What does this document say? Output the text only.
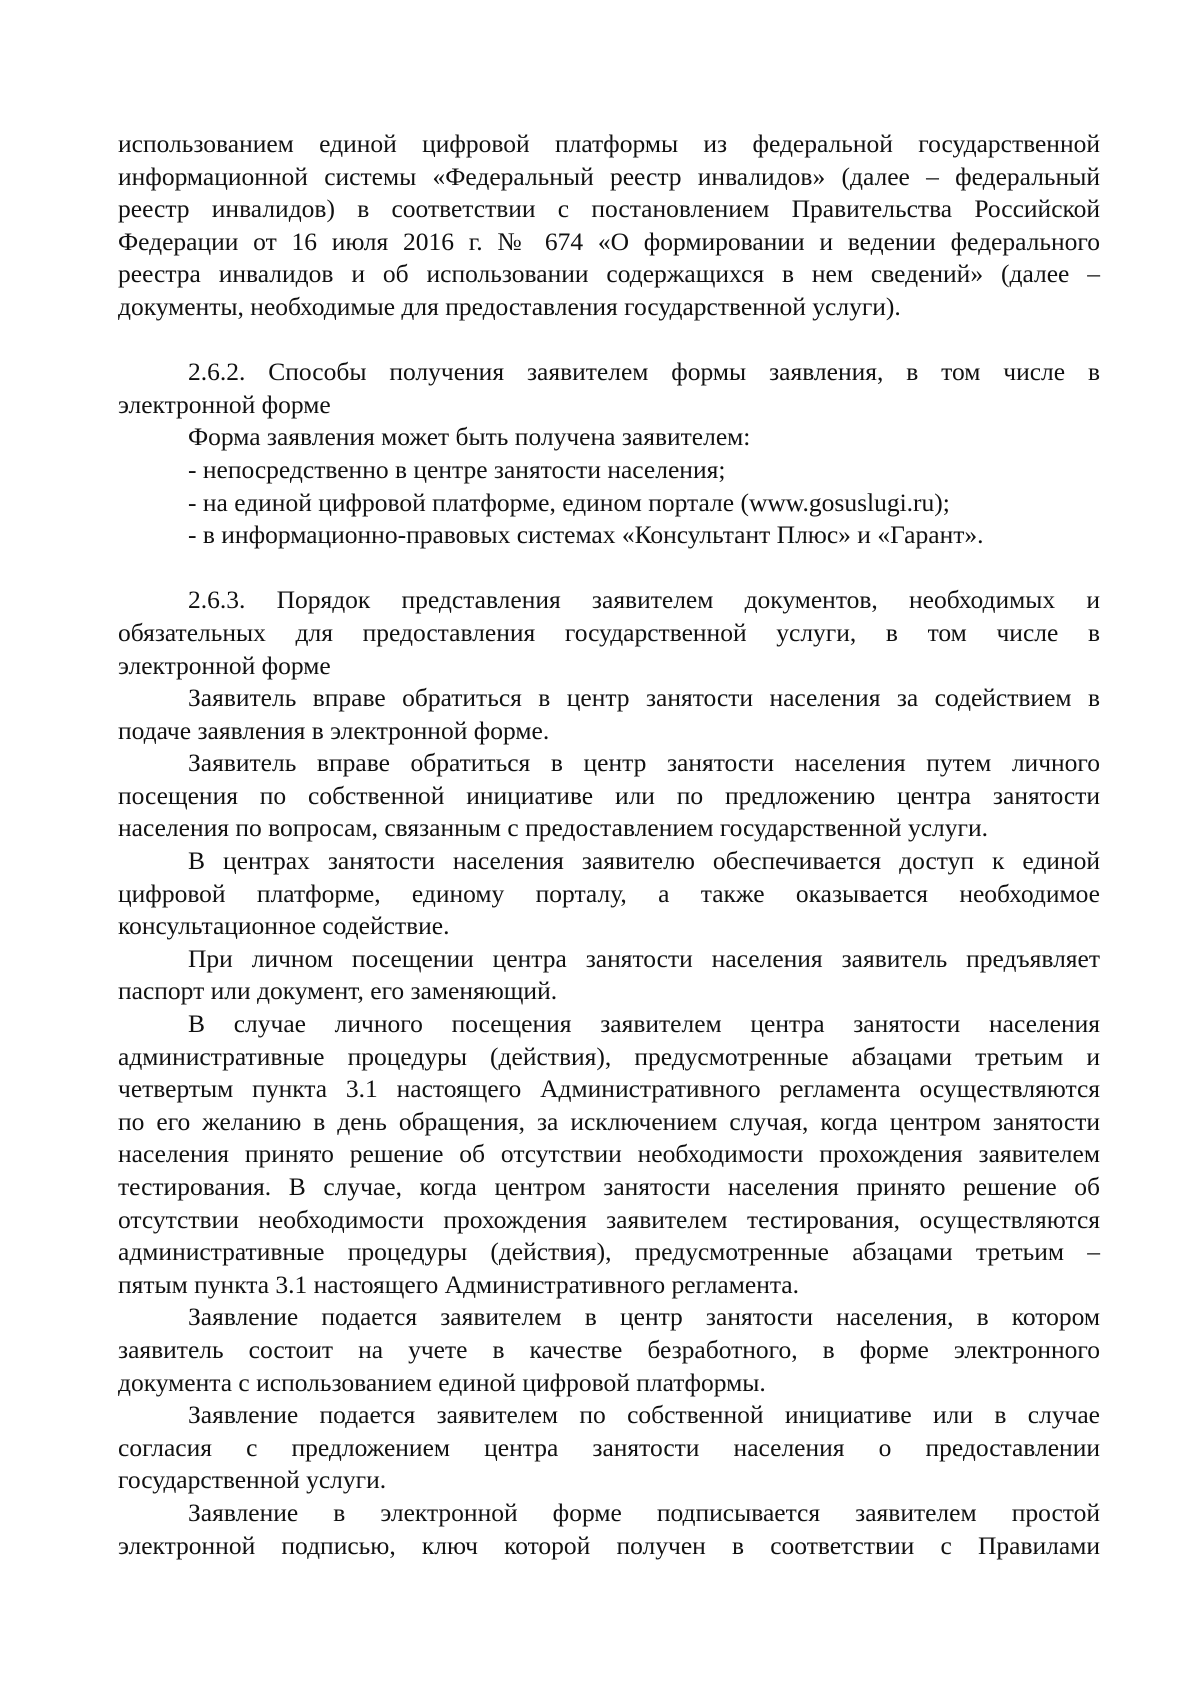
использованием единой цифровой платформы из федеральной государственной
информационной системы «Федеральный реестр инвалидов» (далее – федеральный
реестр инвалидов) в соответствии с постановлением Правительства Российской
Федерации от 16 июля 2016 г. № 674 «О формировании и ведении федерального
реестра инвалидов и об использовании содержащихся в нем сведений» (далее –
документы, необходимые для предоставления государственной услуги).
2.6.2. Способы получения заявителем формы заявления, в том числе в
электронной форме
Форма заявления может быть получена заявителем:
- непосредственно в центре занятости населения;
- на единой цифровой платформе, едином портале (www.gosuslugi.ru);
- в информационно-правовых системах «Консультант Плюс» и «Гарант».
2.6.3. Порядок представления заявителем документов, необходимых и
обязательных для предоставления государственной услуги, в том числе в
электронной форме
Заявитель вправе обратиться в центр занятости населения за содействием в
подаче заявления в электронной форме.
Заявитель вправе обратиться в центр занятости населения путем личного
посещения по собственной инициативе или по предложению центра занятости
населения по вопросам, связанным с предоставлением государственной услуги.
В центрах занятости населения заявителю обеспечивается доступ к единой
цифровой платформе, единому порталу, а также оказывается необходимое
консультационное содействие.
При личном посещении центра занятости населения заявитель предъявляет
паспорт или документ, его заменяющий.
В случае личного посещения заявителем центра занятости населения
административные процедуры (действия), предусмотренные абзацами третьим и
четвертым пункта 3.1 настоящего Административного регламента осуществляются
по его желанию в день обращения, за исключением случая, когда центром занятости
населения принято решение об отсутствии необходимости прохождения заявителем
тестирования. В случае, когда центром занятости населения принято решение об
отсутствии необходимости прохождения заявителем тестирования, осуществляются
административные процедуры (действия), предусмотренные абзацами третьим –
пятым пункта 3.1 настоящего Административного регламента.
Заявление подается заявителем в центр занятости населения, в котором
заявитель состоит на учете в качестве безработного, в форме электронного
документа с использованием единой цифровой платформы.
Заявление подается заявителем по собственной инициативе или в случае
согласия с предложением центра занятости населения о предоставлении
государственной услуги.
Заявление в электронной форме подписывается заявителем простой
электронной подписью, ключ которой получен в соответствии с Правилами
